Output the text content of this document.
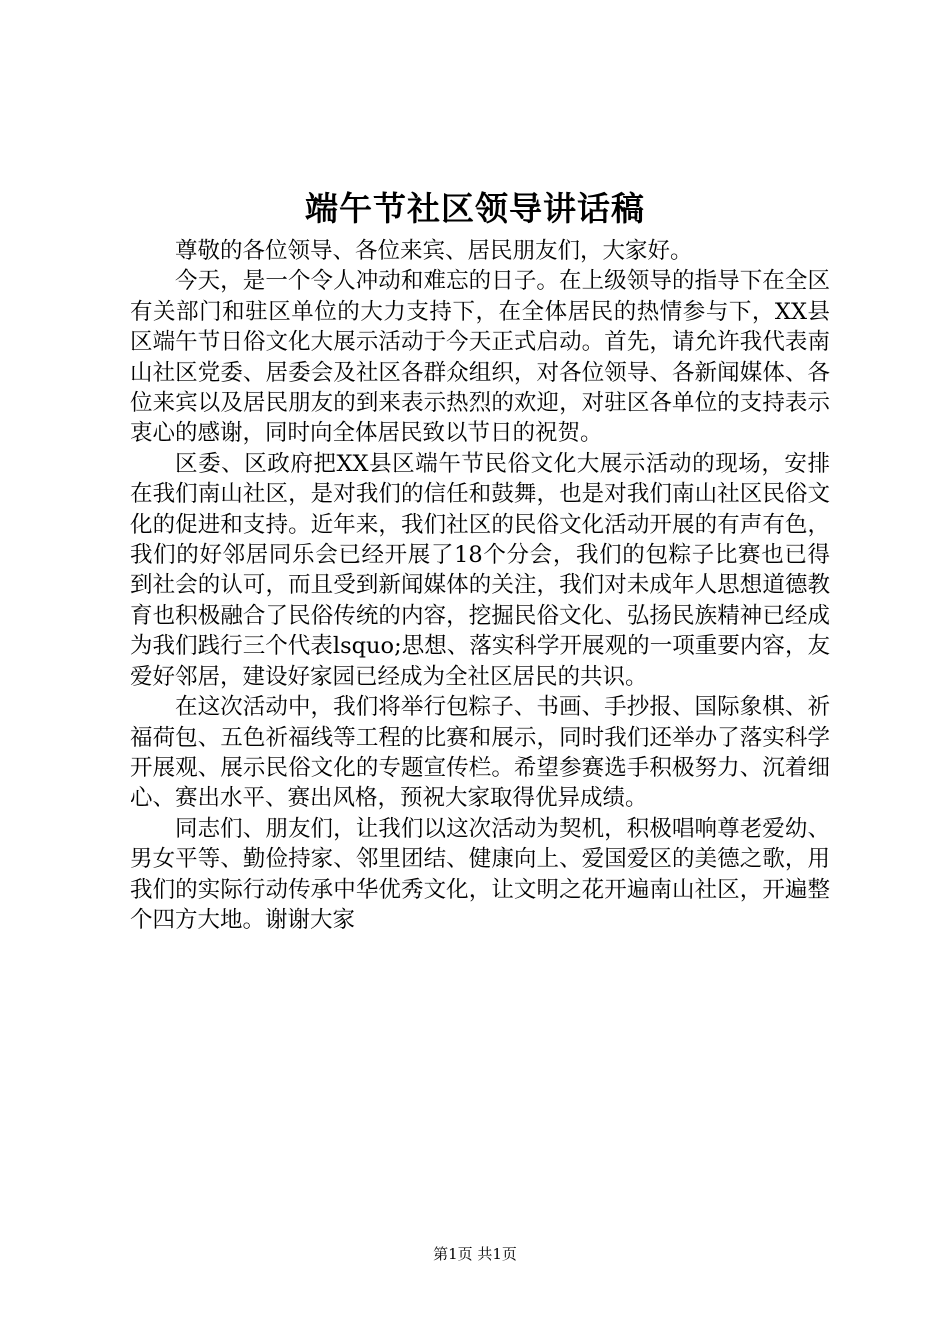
端午节社区领导讲话稿

尊敬的各位领导、各位来宾、居民朋友们，大家好。

今天，是一个令人冲动和难忘的日子。在上级领导的指导下在全区有关部门和驻区单位的大力支持下，在全体居民的热情参与下，XX县区端午节日俗文化大展示活动于今天正式启动。首先，请允许我代表南山社区党委、居委会及社区各群众组织，对各位领导、各新闻媒体、各位来宾以及居民朋友的到来表示热烈的欢迎，对驻区各单位的支持表示衷心的感谢，同时向全体居民致以节日的祝贺。

区委、区政府把XX县区端午节民俗文化大展示活动的现场，安排在我们南山社区，是对我们的信任和鼓舞，也是对我们南山社区民俗文化的促进和支持。近年来，我们社区的民俗文化活动开展的有声有色，我们的好邻居同乐会已经开展了18个分会，我们的包粽子比赛也已得到社会的认可，而且受到新闻媒体的关注，我们对未成年人思想道德教育也积极融合了民俗传统的内容，挖掘民俗文化、弘扬民族精神已经成为我们践行三个代表lsquo;思想、落实科学开展观的一项重要内容，友爱好邻居，建设好家园已经成为全社区居民的共识。

在这次活动中，我们将举行包粽子、书画、手抄报、国际象棋、祈福荷包、五色祈福线等工程的比赛和展示，同时我们还举办了落实科学开展观、展示民俗文化的专题宣传栏。希望参赛选手积极努力、沉着细心、赛出水平、赛出风格，预祝大家取得优异成绩。

同志们、朋友们，让我们以这次活动为契机，积极唱响尊老爱幼、男女平等、勤俭持家、邻里团结、健康向上、爱国爱区的美德之歌，用我们的实际行动传承中华优秀文化，让文明之花开遍南山社区，开遍整个四方大地。谢谢大家

第1页 共1页
